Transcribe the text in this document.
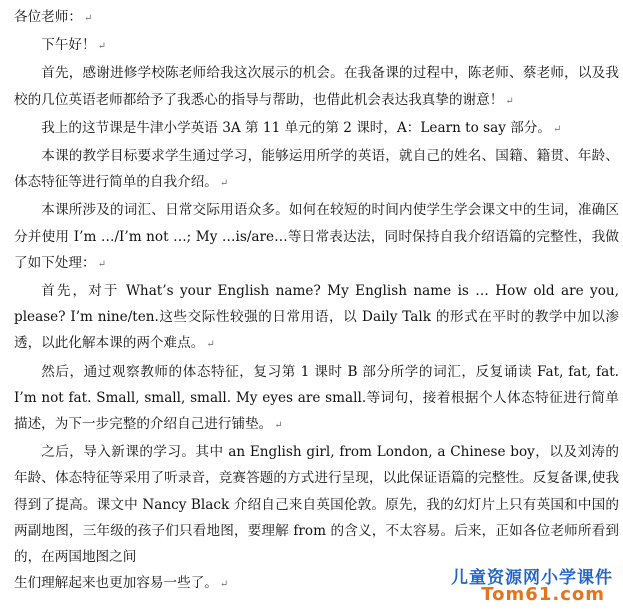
各位老师： ↵

下午好！ ↵

首先，感谢进修学校陈老师给我这次展示的机会。在我备课的过程中，陈老师、蔡老师，以及我校的几位英语老师都给予了我悉心的指导与帮助，也借此机会表达我真挚的谢意！ ↵

我上的这节课是牛津小学英语 3A 第 11 单元的第 2 课时，A：Learn to say 部分。 ↵

本课的教学目标要求学生通过学习，能够运用所学的英语，就自己的姓名、国籍、籍贯、年龄、体态特征等进行简单的自我介绍。 ↵

本课所涉及的词汇、日常交际用语众多。如何在较短的时间内使学生学会课文中的生词，准确区分并使用 I’m …/I’m not …; My …is/are…等日常表达法，同时保持自我介绍语篇的完整性，我做了如下处理： ↵

首先，对于 What’s your English name? My English name is … How old are you, please? I’m nine/ten.这些交际性较强的日常用语，以 Daily Talk 的形式在平时的教学中加以渗透，以此化解本课的两个难点。 ↵

然后，通过观察教师的体态特征，复习第 1 课时 B 部分所学的词汇，反复诵读 Fat, fat, fat. I’m not fat. Small, small, small. My eyes are small.等词句，接着根据个人体态特征进行简单描述，为下一步完整的介绍自己进行铺垫。 ↵

之后，导入新课的学习。其中 an English girl, from London, a Chinese boy，以及刘涛的年龄、体态特征等采用了听录音，竞赛答题的方式进行呈现，以此保证语篇的完整性。反复备课,使我得到了提高。课文中 Nancy Black 介绍自己来自英国伦敦。原先，我的幻灯片上只有英国和中国的两副地图，三年级的孩子们只看地图，要理解 from 的含义，不太容易。后来，正如各位老师所看到的，在两国地图之间

生们理解起来也更加容易一些了。 ↵	儿童资源网小学课件
Tom61.com
